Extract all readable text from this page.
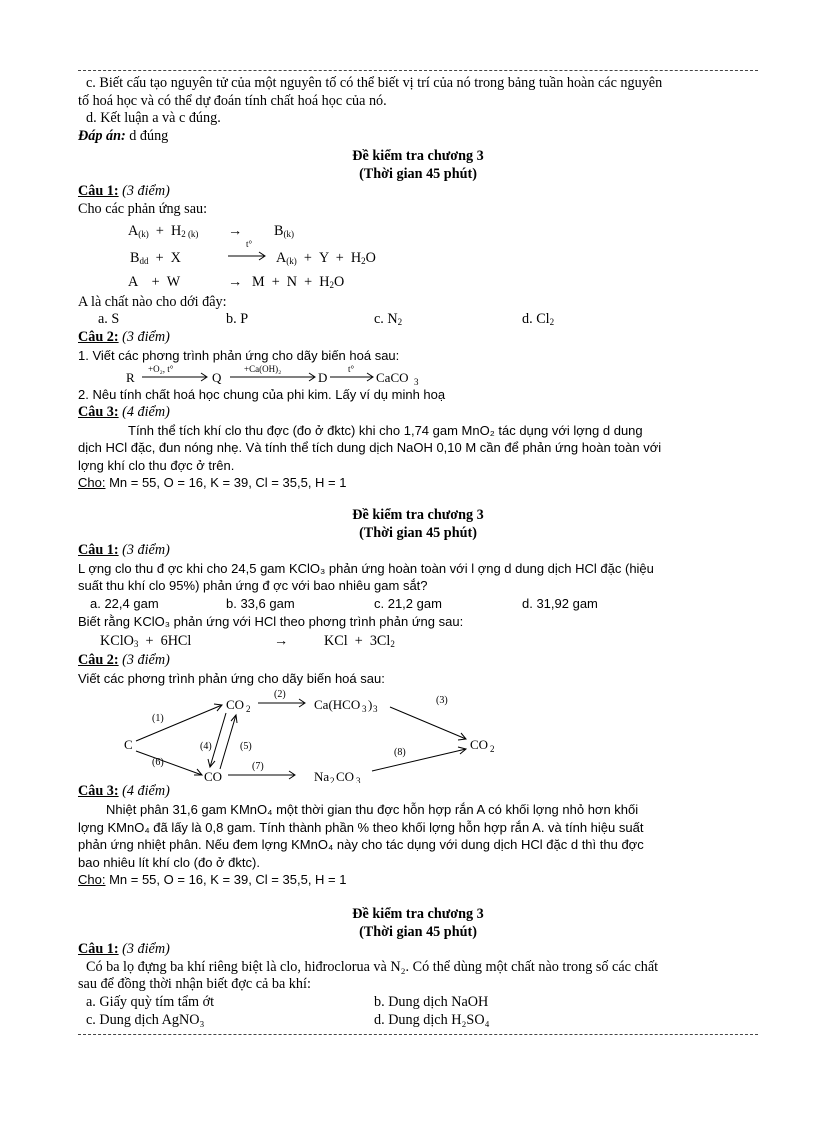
c. Biết cấu tạo nguyên tử của một nguyên tố có thể biết vị trí của nó trong bảng tuần hoàn các nguyên
tố hoá học và có thể dự đoán tính chất hoá học của nó.
d. Kết luận a và c đúng.
Đáp án: d đúng
Đề kiểm tra chương 3
(Thời gian 45 phút)
Câu 1: (3 điểm)
Cho các phản ứng sau:
$A_{(k)} + H_{2 (k)} \to B_{(k)}$
$B_{dd} + X$
t°
$A_{(k)} + Y + H_2O$
A    +  W	→ $M + N + H_2O$
A là chất nào cho dới đây:
a. S	b. P	c. $N_2$	d. $Cl_2$
Câu 2: (3 điểm)
1. Viết các phơng trình phản ứng cho dãy biến hoá sau:
R
+O₂, t°
Q
+Ca(OH)₂
D
t°
CaCO 3
2. Nêu tính chất hoá học chung của phi kim. Lấy ví dụ minh hoạ
Câu 3: (4 điểm)
Tính thể tích khí clo thu đợc (đo ở đktc) khi cho 1,74 gam MnO₂ tác dụng với lợng d dung
dịch HCl đặc, đun nóng nhẹ. Và tính thể tích dung dịch NaOH 0,10 M cần để phản ứng hoàn toàn với
lợng khí clo thu đợc ở trên.
Cho: Mn = 55, O = 16, K = 39, Cl = 35,5, H = 1
Đề kiểm tra chương 3
(Thời gian 45 phút)
Câu 1: (3 điểm)
L ợng clo thu đ ợc khi cho 24,5 gam KClO₃ phản ứng hoàn toàn với l ợng d dung dịch HCl đặc (hiệu
suất thu khí clo 95%) phản ứng đ ợc với bao nhiêu gam sắt?
a. 22,4 gam	b. 33,6 gam	c. 21,2 gam	d. 31,92 gam
Biết rằng KClO₃ phản ứng với HCl theo phơng trình phản ứng sau:
KClO$_3$  +  6HCl	→	KCl  +  $3Cl_2$
Câu 2: (3 điểm)
Viết các phơng trình phản ứng cho dãy biến hoá sau:
C
CO 2	Ca(HCO 3 ) 3
CO 2
CO	Na 2 CO 3
(1)
(2)
(3)
(4)	(5)
(6)	(7)
(8)
Câu 3: (4 điểm)
Nhiệt phân 31,6 gam KMnO₄ một thời gian thu đợc hỗn hợp rắn A có khối lợng nhỏ hơn khối
lợng KMnO₄ đã lấy là 0,8 gam. Tính thành phần % theo khối lợng hỗn hợp rắn A. và tính hiệu suất
phản ứng nhiệt phân. Nếu đem lợng KMnO₄ này cho tác dụng với dung dịch HCl đặc d thì thu đợc
bao nhiêu lít khí clo (đo ở đktc).
Cho: Mn = 55, O = 16, K = 39, Cl = 35,5, H = 1
Đề kiểm tra chương 3
(Thời gian 45 phút)
Câu 1: (3 điểm)
Có ba lọ đựng ba khí riêng biệt là clo, hiđroclorua và N₂. Có thể dùng một chất nào trong số các chất
sau để đồng thời nhận biết đợc cả ba khí:
a. Giấy quỳ tím tẩm ớt	b. Dung dịch NaOH
c. Dung dịch AgNO₃	d. Dung dịch H₂SO₄
